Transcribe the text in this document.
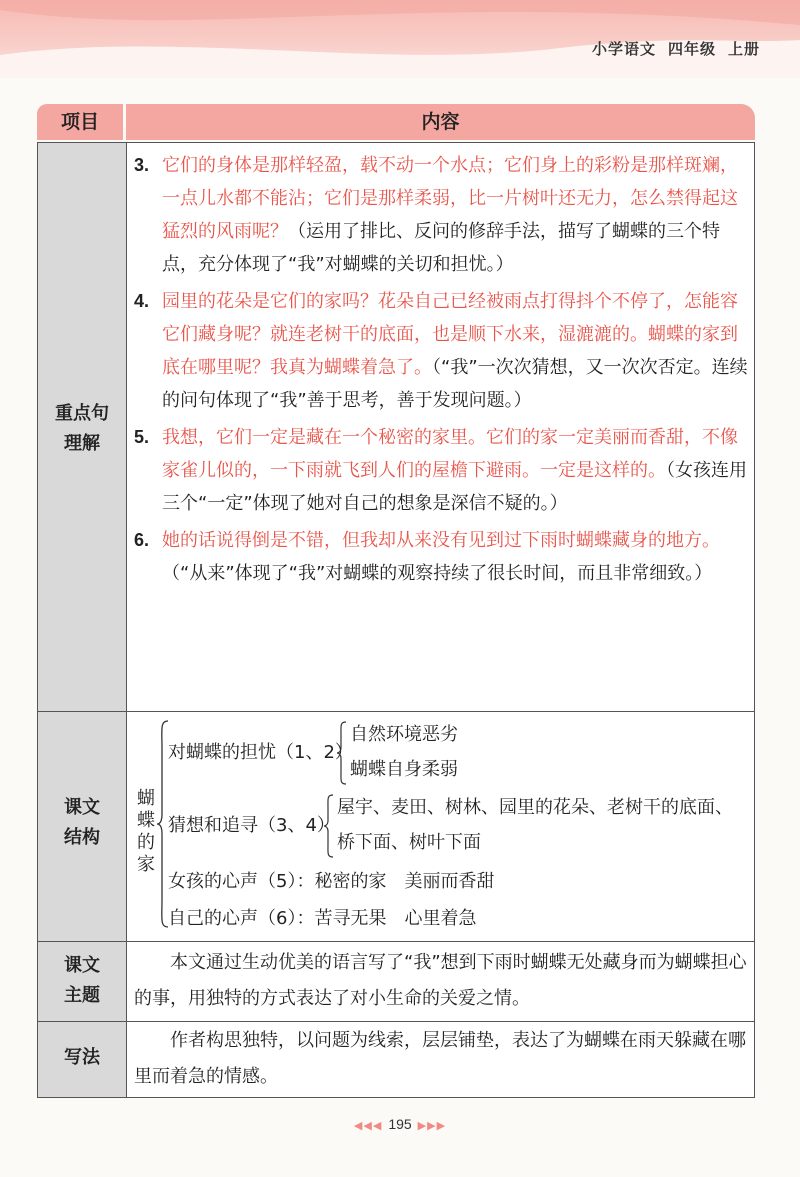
小学语文 四年级 上册
项目	内容
重点句
理解

3. 它们的身体是那样轻盈，载不动一个水点；它们身上的彩粉是那样斑斓，一点儿水都不能沾；它们是那样柔弱，比一片树叶还无力，怎么禁得起这猛烈的风雨呢？（运用了排比、反问的修辞手法，描写了蝴蝶的三个特点，充分体现了“我”对蝴蝶的关切和担忧。）

4. 园里的花朵是它们的家吗？花朵自己已经被雨点打得抖个不停了，怎能容它们藏身呢？就连老树干的底面，也是顺下水来，湿漉漉的。蝴蝶的家到底在哪里呢？我真为蝴蝶着急了。（“我”一次次猜想，又一次次否定。连续的问句体现了“我”善于思考，善于发现问题。）

5. 我想，它们一定是藏在一个秘密的家里。它们的家一定美丽而香甜，不像家雀儿似的，一下雨就飞到人们的屋檐下避雨。一定是这样的。（女孩连用三个“一定”体现了她对自己的想象是深信不疑的。）

6. 她的话说得倒是不错，但我却从来没有见到过下雨时蝴蝶藏身的地方。（“从来”体现了“我”对蝴蝶的观察持续了很长时间，而且非常细致。）

课文
结构
蝴蝶的家
对蝴蝶的担忧（1、2）
自然环境恶劣
蝴蝶自身柔弱
猜想和追寻（3、4）
屋宇、麦田、树林、园里的花朵、老树干的底面、
桥下面、树叶下面
女孩的心声（5）：秘密的家　美丽而香甜
自己的心声（6）：苦寻无果　心里着急
课文
主题
本文通过生动优美的语言写了“我”想到下雨时蝴蝶无处藏身而为蝴蝶担心的事，用独特的方式表达了对小生命的关爱之情。
写法
作者构思独特，以问题为线索，层层铺垫，表达了为蝴蝶在雨天躲藏在哪里而着急的情感。
◀◀◀ 195 ▶▶▶
